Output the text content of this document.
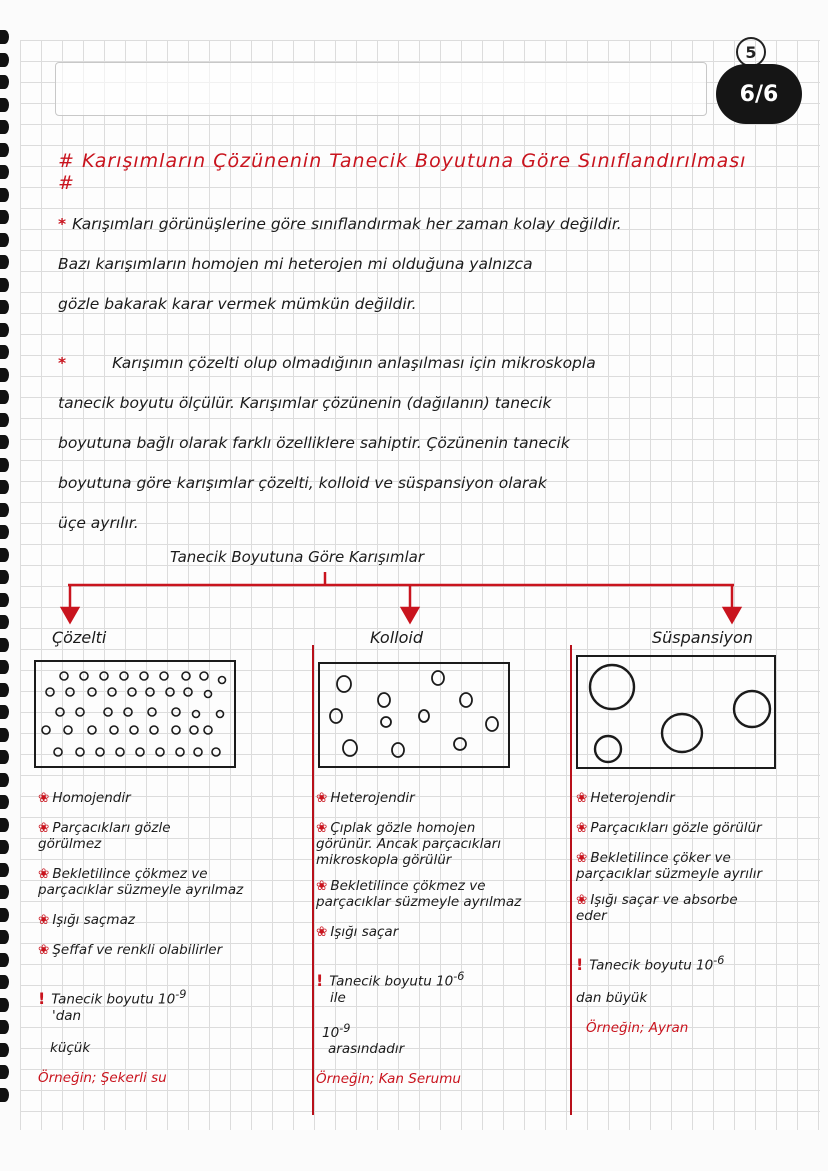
5
6/6
# Karışımların Çözünenin Tanecik Boyutuna Göre Sınıflandırılması #
* Karışımları görünüşlerine göre sınıflandırmak her zaman kolay değildir.
Bazı karışımların homojen mi heterojen mi olduğuna yalnızca
gözle bakarak karar vermek mümkün değildir.
*	Karışımın çözelti olup olmadığının anlaşılması için mikroskopla
tanecik boyutu ölçülür. Karışımlar çözünenin (dağılanın) tanecik
boyutuna bağlı olarak farklı özelliklere sahiptir. Çözünenin tanecik
boyutuna göre karışımlar çözelti, kolloid ve süspansiyon olarak
üçe ayrılır.
Tanecik Boyutuna Göre Karışımlar
Çözelti	Kolloid	Süspansiyon
❀ Homojendir
❀ Parçacıkları gözle
görülmez
❀ Bekletilince çökmez ve
parçacıklar süzmeyle ayrılmaz
❀ Işığı saçmaz
❀ Şeffaf ve renkli olabilirler

! Tanecik boyutu $10^{-9}$
'dan

küçük

Örneğin; Şekerli su
❀ Heterojendir
❀ Çıplak gözle homojen
görünür. Ancak parçacıkları
mikroskopla görülür
❀ Bekletilince çökmez ve
parçacıklar süzmeyle ayrılmaz
❀ Işığı saçar

! Tanecik boyutu $10^{-6}$
ile

$10^{-9}$
arasındadır

Örneğin; Kan Serumu
❀ Heterojendir
❀ Parçacıkları gözle görülür
❀ Bekletilince çöker ve
parçacıklar süzmeyle ayrılır
❀ Işığı saçar ve absorbe
eder

! Tanecik boyutu $10^{-6}$

dan büyük

Örneğin; Ayran
